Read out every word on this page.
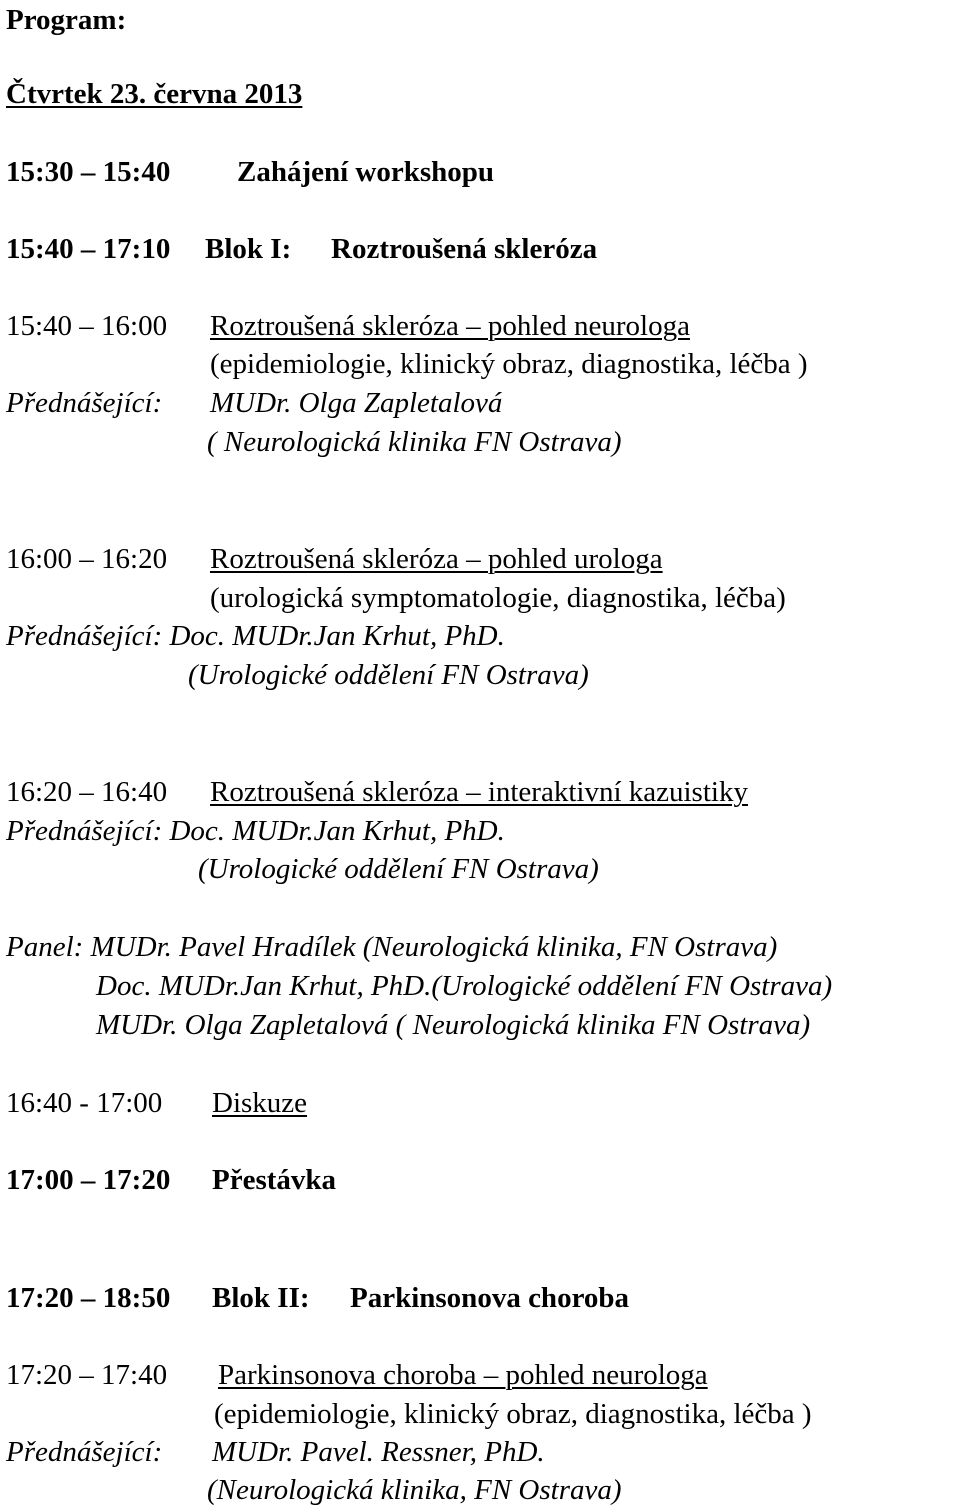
Program:
Čtvrtek 23. června 2013
15:30 – 15:40 Zahájení workshopu
15:40 – 17:10 Blok I: Roztroušená skleróza
15:40 – 16:00 Roztroušená skleróza – pohled neurologa
(epidemiologie, klinický obraz, diagnostika, léčba )
Přednášející: MUDr. Olga Zapletalová
( Neurologická klinika FN Ostrava)
16:00 – 16:20 Roztroušená skleróza – pohled urologa
(urologická symptomatologie, diagnostika, léčba)
Přednášející: Doc. MUDr.Jan Krhut, PhD.
(Urologické oddělení FN Ostrava)
16:20 – 16:40 Roztroušená skleróza – interaktivní kazuistiky
Přednášející: Doc. MUDr.Jan Krhut, PhD.
(Urologické oddělení FN Ostrava)
Panel: MUDr. Pavel Hradílek (Neurologická klinika, FN Ostrava)
Doc. MUDr.Jan Krhut, PhD.(Urologické oddělení FN Ostrava)
MUDr. Olga Zapletalová ( Neurologická klinika FN Ostrava)
16:40 - 17:00 Diskuze
17:00 – 17:20 Přestávka
17:20 – 18:50 Blok II: Parkinsonova choroba
17:20 – 17:40 Parkinsonova choroba – pohled neurologa
(epidemiologie, klinický obraz, diagnostika, léčba )
Přednášející: MUDr. Pavel. Ressner, PhD.
(Neurologická klinika, FN Ostrava)
